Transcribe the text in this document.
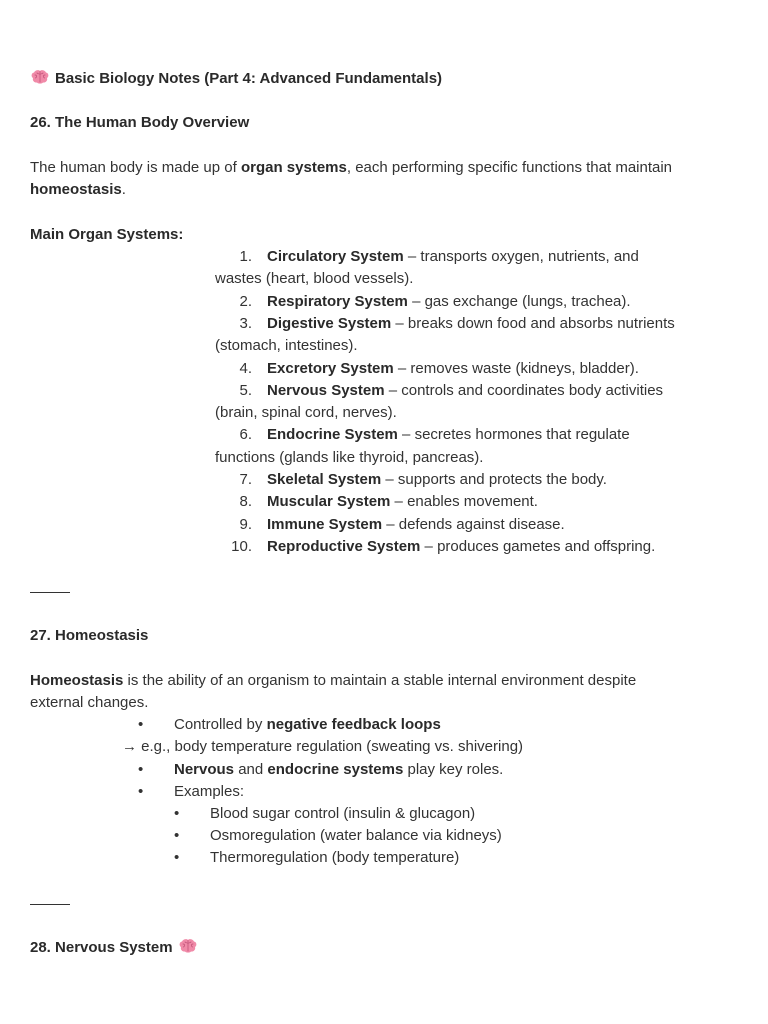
Basic Biology Notes (Part 4: Advanced Fundamentals)
26. The Human Body Overview
The human body is made up of organ systems, each performing specific functions that maintain
homeostasis.
Main Organ Systems:
1. Circulatory System – transports oxygen, nutrients, and
wastes (heart, blood vessels).
2. Respiratory System – gas exchange (lungs, trachea).
3. Digestive System – breaks down food and absorbs nutrients
(stomach, intestines).
4. Excretory System – removes waste (kidneys, bladder).
5. Nervous System – controls and coordinates body activities
(brain, spinal cord, nerves).
6. Endocrine System – secretes hormones that regulate
functions (glands like thyroid, pancreas).
7. Skeletal System – supports and protects the body.
8. Muscular System – enables movement.
9. Immune System – defends against disease.
10. Reproductive System – produces gametes and offspring.
27. Homeostasis
Homeostasis is the ability of an organism to maintain a stable internal environment despite
external changes.
• Controlled by negative feedback loops
→ e.g., body temperature regulation (sweating vs. shivering)
• Nervous and endocrine systems play key roles.
• Examples:
• Blood sugar control (insulin & glucagon)
• Osmoregulation (water balance via kidneys)
• Thermoregulation (body temperature)
28. Nervous System
